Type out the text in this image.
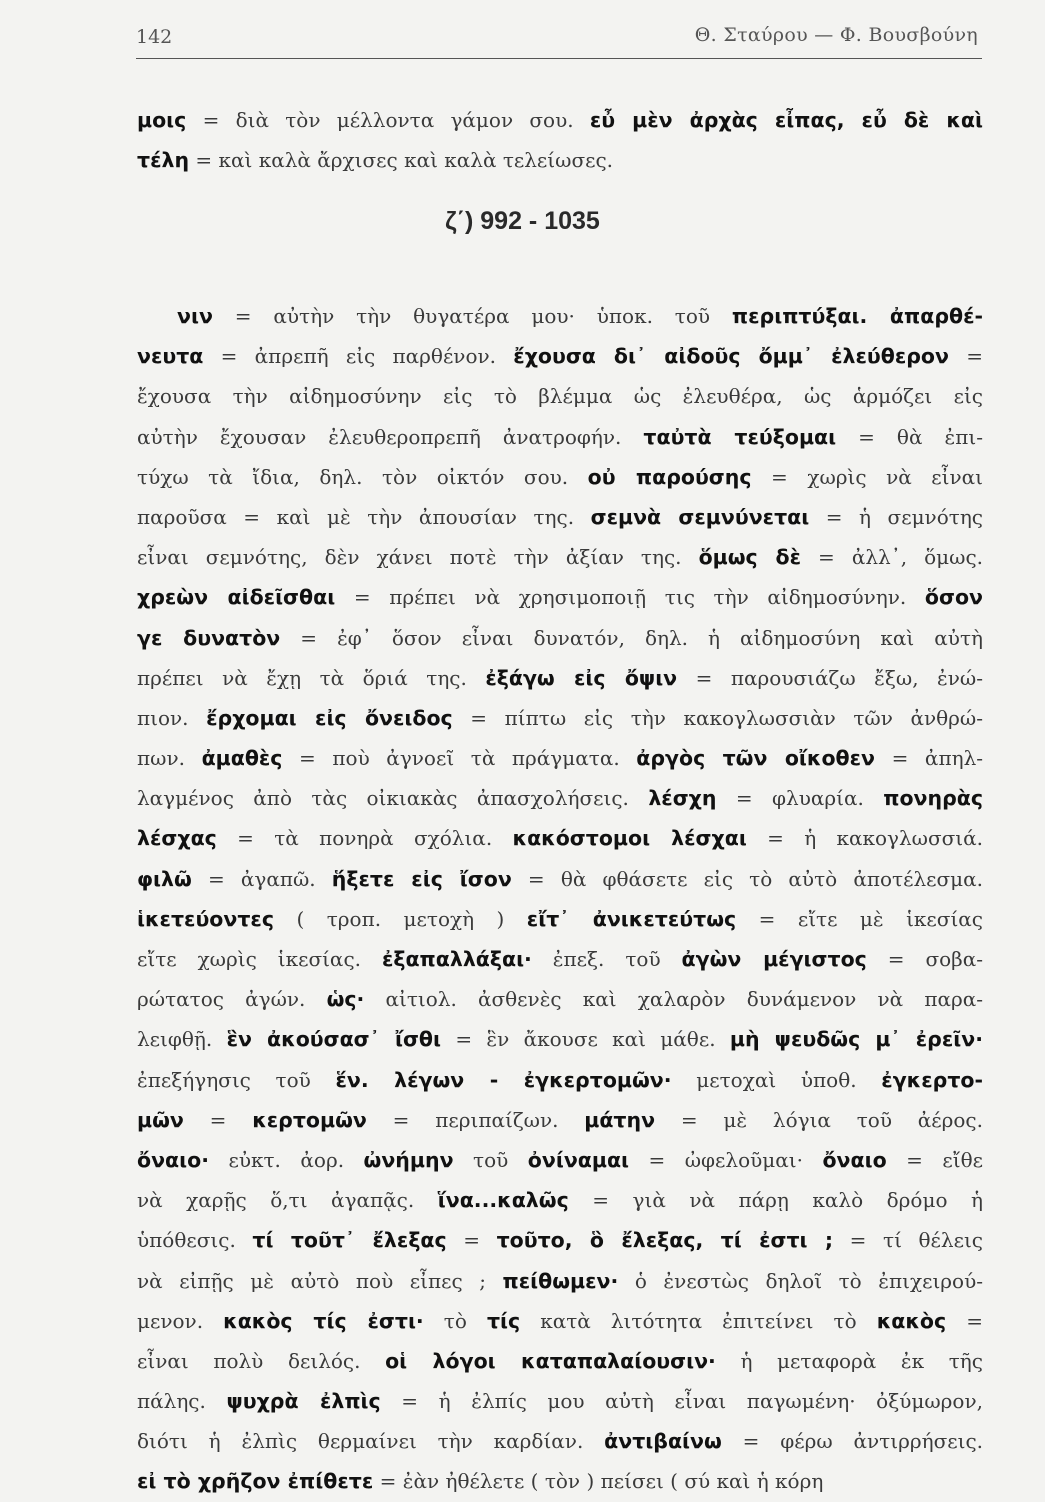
142	Θ. Σταύρου — Φ. Βουσβούνη
μοις = διὰ τὸν μέλλοντα γάμον σου. εὖ μὲν ἀρχὰς εἶπας, εὖ δὲ καὶ
τέλη = καὶ καλὰ ἄρχισες καὶ καλὰ τελείωσες.
ζ΄) 992 - 1035
νιν = αὐτὴν τὴν θυγατέρα μου· ὑποκ. τοῦ περιπτύξαι. ἀπαρθέ-
νευτα = ἀπρεπῆ εἰς παρθένον. ἔχουσα δι᾽ αἰδοῦς ὄμμ᾽ ἐλεύθερον =
ἔχουσα τὴν αἰδημοσύνην εἰς τὸ βλέμμα ὡς ἐλευθέρα, ὡς ἁρμόζει εἰς
αὐτὴν ἔχουσαν ἐλευθεροπρεπῆ ἀνατροφήν. ταὐτὰ τεύξομαι = θὰ ἐπι-
τύχω τὰ ἴδια, δηλ. τὸν οἰκτόν σου. οὐ παρούσης = χωρὶς νὰ εἶναι
παροῦσα = καὶ μὲ τὴν ἀπουσίαν της. σεμνὰ σεμνύνεται = ἡ σεμνότης
εἶναι σεμνότης, δὲν χάνει ποτὲ τὴν ἀξίαν της. ὅμως δὲ = ἀλλ᾽, ὅμως.
χρεὼν αἰδεῖσθαι = πρέπει νὰ χρησιμοποιῇ τις τὴν αἰδημοσύνην. ὅσον
γε δυνατὸν = ἐφ᾽ ὅσον εἶναι δυνατόν, δηλ. ἡ αἰδημοσύνη καὶ αὐτὴ
πρέπει νὰ ἔχῃ τὰ ὅριά της. ἐξάγω εἰς ὄψιν = παρουσιάζω ἔξω, ἐνώ-
πιον. ἔρχομαι εἰς ὄνειδος = πίπτω εἰς τὴν κακογλωσσιὰν τῶν ἀνθρώ-
πων. ἀμαθὲς = ποὺ ἀγνοεῖ τὰ πράγματα. ἀργὸς τῶν οἴκοθεν = ἀπηλ-
λαγμένος ἀπὸ τὰς οἰκιακὰς ἀπασχολήσεις. λέσχη = φλυαρία. πονηρὰς
λέσχας = τὰ πονηρὰ σχόλια. κακόστομοι λέσχαι = ἡ κακογλωσσιά.
φιλῶ = ἀγαπῶ. ἥξετε εἰς ἴσον = θὰ φθάσετε εἰς τὸ αὐτὸ ἀποτέλεσμα.
ἱκετεύοντες ( τροπ. μετοχὴ ) εἴτ᾽ ἀνικετεύτως = εἴτε μὲ ἱκεσίας
εἴτε χωρὶς ἱκεσίας. ἐξαπαλλάξαι· ἐπεξ. τοῦ ἀγὼν μέγιστος = σοβα-
ρώτατος ἀγών. ὡς· αἰτιολ. ἀσθενὲς καὶ χαλαρὸν δυνάμενον νὰ παρα-
λειφθῇ. ἓν ἀκούσασ᾽ ἴσθι = ἓν ἄκουσε καὶ μάθε. μὴ ψευδῶς μ᾽ ἐρεῖν·
ἐπεξήγησις τοῦ ἕν. λέγων - ἐγκερτομῶν· μετοχαὶ ὑποθ. ἐγκερτο-
μῶν = κερτομῶν = περιπαίζων. μάτην = μὲ λόγια τοῦ ἀέρος.
ὄναιο· εὐκτ. ἀορ. ὠνήμην τοῦ ὀνίναμαι = ὠφελοῦμαι· ὄναιο = εἴθε
νὰ χαρῇς ὅ,τι ἀγαπᾷς. ἵνα...καλῶς = γιὰ νὰ πάρῃ καλὸ δρόμο ἡ
ὑπόθεσις. τί τοῦτ᾽ ἔλεξας = τοῦτο, ὃ ἔλεξας, τί ἐστι ; = τί θέλεις
νὰ εἰπῇς μὲ αὐτὸ ποὺ εἶπες ; πείθωμεν· ὁ ἐνεστὼς δηλοῖ τὸ ἐπιχειρού-
μενον. κακὸς τίς ἐστι· τὸ τίς κατὰ λιτότητα ἐπιτείνει τὸ κακὸς =
εἶναι πολὺ δειλός. οἱ λόγοι καταπαλαίουσιν· ἡ μεταφορὰ ἐκ τῆς
πάλης. ψυχρὰ ἐλπὶς = ἡ ἐλπίς μου αὐτὴ εἶναι παγωμένη· ὀξύμωρον,
διότι ἡ ἐλπὶς θερμαίνει τὴν καρδίαν. ἀντιβαίνω = φέρω ἀντιρρήσεις.
εἰ τὸ χρῆζον ἐπίθετε = ἐὰν ἠθέλετε ( τὸν ) πείσει ( σύ καὶ ἡ κόρη
